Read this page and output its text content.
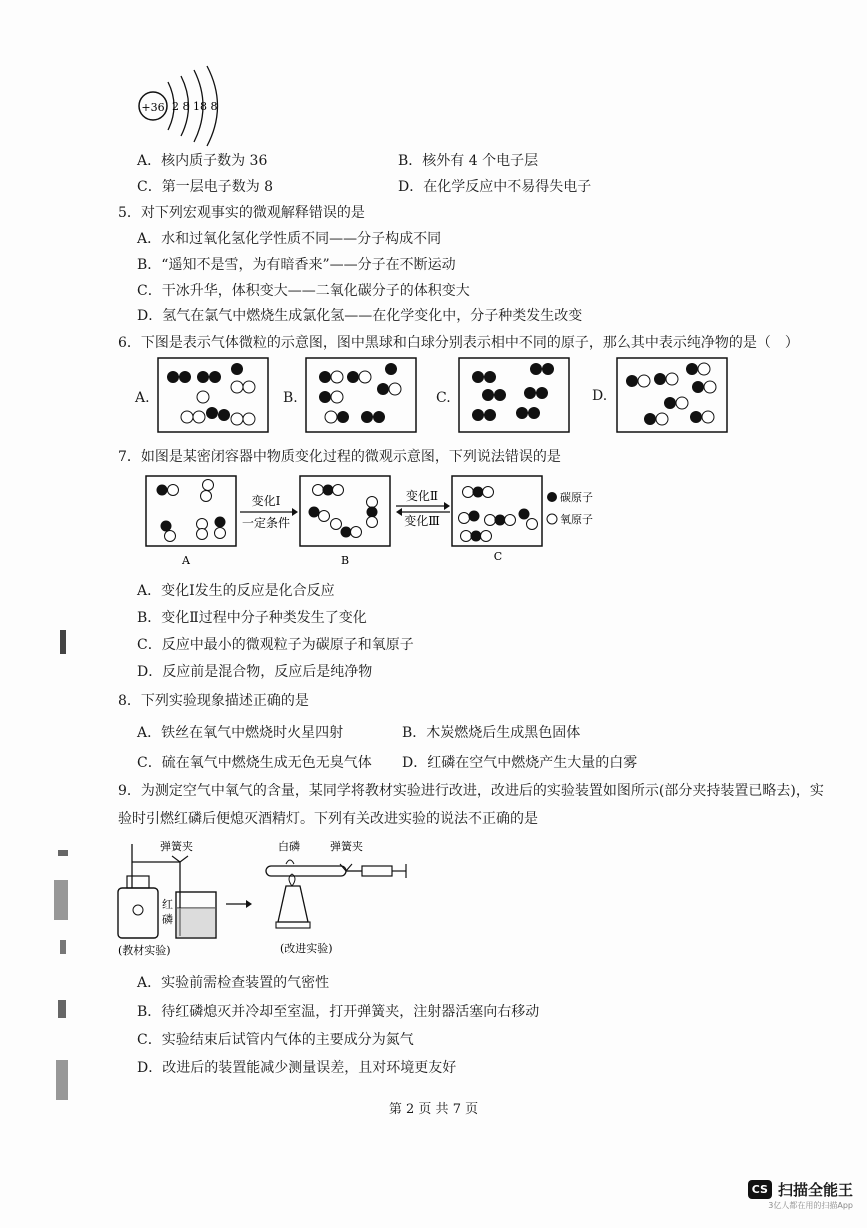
+36 2 8 18 8
A．核内质子数为 36	B．核外有 4 个电子层
C．第一层电子数为 8	D．在化学反应中不易得失电子
5．对下列宏观事实的微观解释错误的是
A．水和过氧化氢化学性质不同——分子构成不同
B．“遥知不是雪，为有暗香来”——分子在不断运动
C．干冰升华，体积变大——二氧化碳分子的体积变大
D．氢气在氯气中燃烧生成氯化氢——在化学变化中，分子种类发生改变
6．下图是表示气体微粒的示意图，图中黑球和白球分别表示相中不同的原子，那么其中表示纯净物的是（　）
A.	B.	C.	D.
7．如图是某密闭容器中物质变化过程的微观示意图，下列说法错误的是
A
变化Ⅰ
一定条件
B
变化Ⅱ
变化Ⅲ
C
碳原子
氧原子
A．变化Ⅰ发生的反应是化合反应
B．变化Ⅱ过程中分子种类发生了变化
C．反应中最小的微观粒子为碳原子和氧原子
D．反应前是混合物，反应后是纯净物
8．下列实验现象描述正确的是
A．铁丝在氧气中燃烧时火星四射	B．木炭燃烧后生成黑色固体
C．硫在氧气中燃烧生成无色无臭气体 D．红磷在空气中燃烧产生大量的白雾
9．为测定空气中氧气的含量，某同学将教材实验进行改进，改进后的实验装置如图所示(部分夹持装置已略去)，实
验时引燃红磷后便熄灭酒精灯。下列有关改进实验的说法不正确的是
弹簧夹
红
磷
(教材实验)
白磷	弹簧夹
(改进实验)
A．实验前需检查装置的气密性
B．待红磷熄灭并冷却至室温，打开弹簧夹，注射器活塞向右移动
C．实验结束后试管内气体的主要成分为氮气
D．改进后的装置能减少测量误差，且对环境更友好
第 2 页 共 7 页
CS 扫描全能王
3亿人都在用的扫描App
